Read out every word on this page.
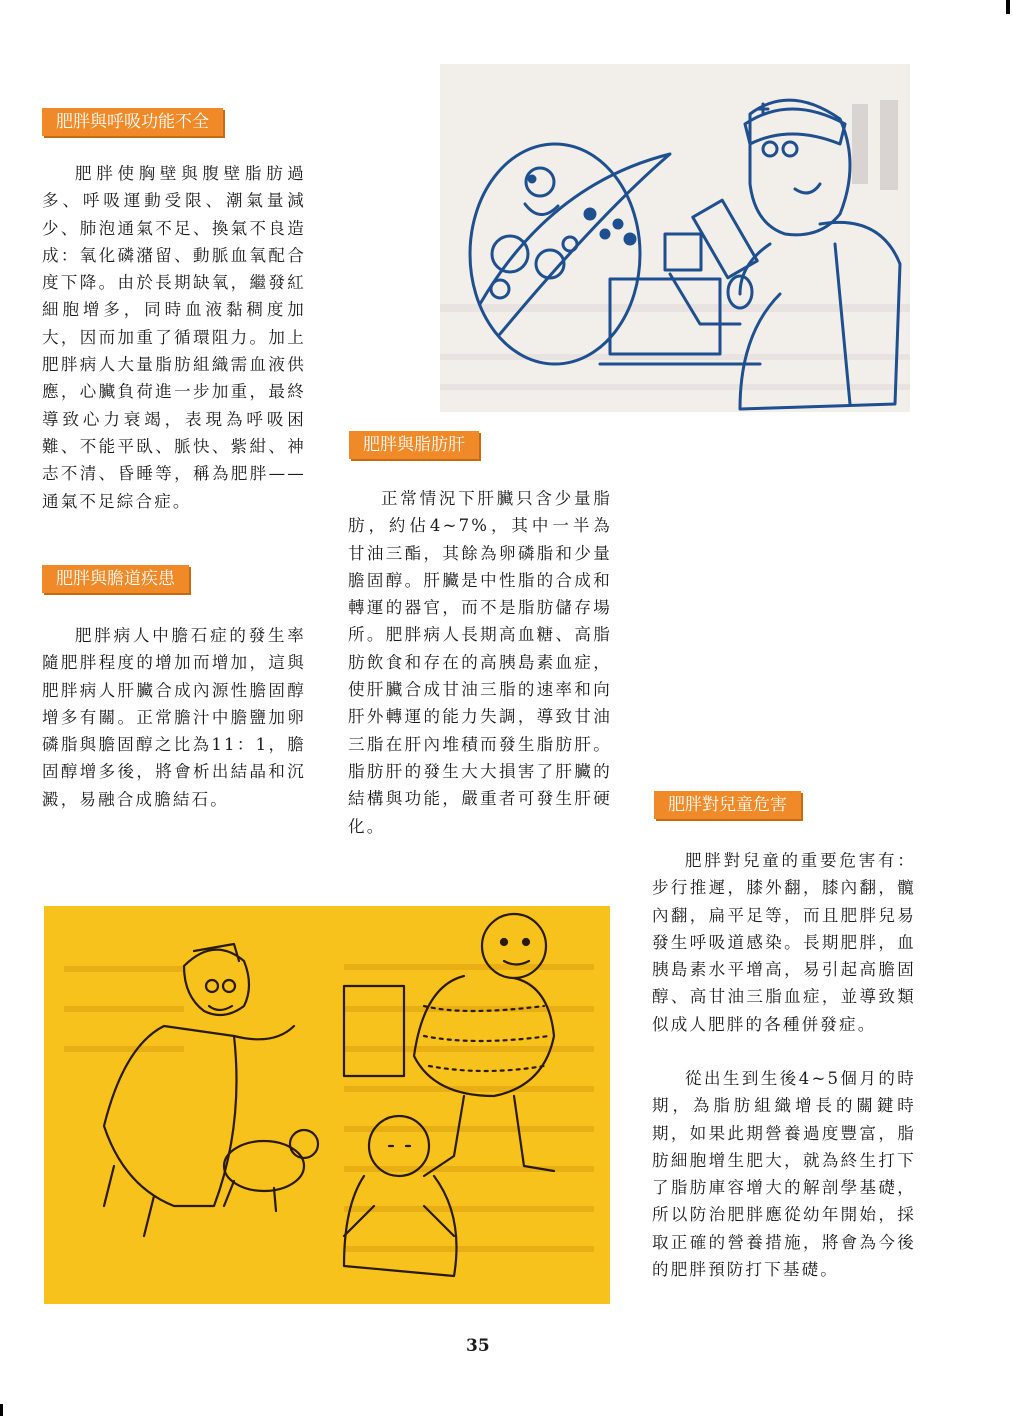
肥胖與呼吸功能不全

肥胖使胸壁與腹壁脂肪過多、呼吸運動受限、潮氣量減少、肺泡通氣不足、換氣不良造成：氧化磷潴留、動脈血氧配合度下降。由於長期缺氧，繼發紅細胞增多，同時血液黏稠度加大，因而加重了循環阻力。加上肥胖病人大量脂肪組織需血液供應，心臟負荷進一步加重，最終導致心力衰竭，表現為呼吸困難、不能平臥、脈快、紫紺、神志不清、昏睡等，稱為肥胖——通氣不足綜合症。

肥胖與膽道疾患

肥胖病人中膽石症的發生率隨肥胖程度的增加而增加，這與肥胖病人肝臟合成內源性膽固醇增多有關。正常膽汁中膽鹽加卵磷脂與膽固醇之比為11：1，膽固醇增多後，將會析出結晶和沉澱，易融合成膽結石。

肥胖與脂肪肝

正常情況下肝臟只含少量脂肪，約佔4~7%，其中一半為甘油三酯，其餘為卵磷脂和少量膽固醇。肝臟是中性脂的合成和轉運的器官，而不是脂肪儲存場所。肥胖病人長期高血糖、高脂肪飲食和存在的高胰島素血症，使肝臟合成甘油三脂的速率和向肝外轉運的能力失調，導致甘油三脂在肝內堆積而發生脂肪肝。脂肪肝的發生大大損害了肝臟的結構與功能，嚴重者可發生肝硬化。

肥胖對兒童危害

肥胖對兒童的重要危害有：步行推遲，膝外翻，膝內翻，髖內翻，扁平足等，而且肥胖兒易發生呼吸道感染。長期肥胖，血胰島素水平增高，易引起高膽固醇、高甘油三脂血症，並導致類似成人肥胖的各種併發症。

從出生到生後4~5個月的時期，為脂肪組織增長的關鍵時期，如果此期營養過度豐富，脂肪細胞增生肥大，就為終生打下了脂肪庫容增大的解剖學基礎，所以防治肥胖應從幼年開始，採取正確的營養措施，將會為今後的肥胖預防打下基礎。

35
